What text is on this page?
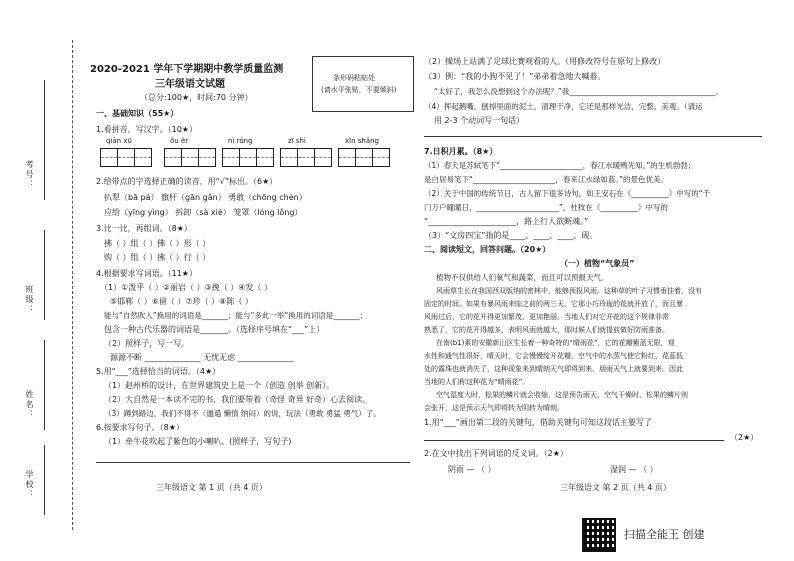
考号：
班级：
姓名：
学校：
2020-2021 学年下学期期中教学质量监测
三年级语文试题
（总分:100★，时间:70 分钟）
条形码粘贴处
(请水平张贴，不要倾斜)
一、基础知识（55★）
1.看拼音，写汉字。（10★）
qiān xū	ǒu ěr	nì róng	zī shì	xīn shǎng
2.给带点的字选择正确的读音，用“√”标出。（6★）
扒犁（bā pá） 旗杆（gān gǎn） 勇敢（chōng chèn）
应给（yīng yìng） 拆卸（sà xiè） 笼罩（lóng lǒng）
3.比一比，再组词。（8★）
拂（ ）组（ ）佛（ ）形（ ）
购（ ）组（ ）拂（ ）行（ ）
4.根据要求写词语。（11★）
（1）①泼乎（ ）②丽岩（ ）③挽（ ）④发（ ）
⑤邯郸（ ）⑥留（ ）⑦珍（ ）⑧陈（ ）
能与“自然吹入”换用的词语是_______；能与“多此一举”换用的词语是_______；
包含一种古代乐器的词语是_______。（选择序号填在“___”上）
（2）照样子，写一写。
源源不断 ______________ 无忧无虑 ______________
5.用“___”选择恰当的词语。（4★）
（1）赵州桥的设计，在世界建筑史上是一个（创造 创举 创新）。
（2）大自然是一本读不完的书，我们要带着（奇怪 奇异 好奇）心去阅读。
（3）蹲到路边，我们不得不（邋遢 懒惰 纳闷）的说，玩法（勇敢 勇猛 勇气）了。
6.按要求写句子。（8★）
（1）牵牛花吹起了紫色的小喇叭。(照样子，写句子)
三年级语文 第 1 页（共 4 页）
（2）操场上站满了足球比赛观看的人。（用修改符号在原句上修改）
（3）例：“我的小狗不见了！”弟弟着急地大喊着。
“太好了，我怎么没想到这个办法呢？”我_______________________________________。
（4）挥起鹅嘴，刨掉里面的泥土，清理干净，它还是那样光洁，完整，美观。（请运
用 2-3 个动词写一句话）
7.日积月累。（8★）
（1）春天是苏轼笔下“______________________，春江水暖鸭先知。”的生机勃勃；
是白居易笔下“______________________，春来江水绿如蓝。”的景色优美。
（2）关于中国的传统节日，古人留下很多诗句，如王安石在《__________》中写的“千
门万户曈曈日，______________________”，杜牧在《__________》中写的
“______________________，路上行人欲断魂。”
（3）“文房四宝”指的是____、____、____、砚。
二、阅读短文，回答问题。（20★）
（一）植物“气象员”
植物不仅供给人们氧气和蔬菜，而且可以预报天气。
风雨草生长在我国西双版纳的密林中，能够预报风雨。这种草的叶子习惯垂挂着，没有
固定的时间。如果有暴风雨来临之前的两三天，它那小巧玲珑的花就开放了，而且暴
风雨过后，它的花开得更加繁茂、更加艳丽。当地人们对它开花的这个规律非常
熟悉了，它的花开得越多，表明风雨就越大，那时候人们就提前做好防雨准备。
在南(b1)素的安徽新山区生长着一种奇特的“晴雨花”，它的花瓣紫蓝无限，观
水性和通气性很好，晴天时，它会慢慢绽开花瓣，空气中的水蒸气使它粉红，花蕊低
处的露珠也就消失了，这种现象来到晴朗天气即将到来，朋雨天气上就要到来。因此
当地的人们称这种花为“晴雨花”。
空气湿度大时，松果的鳞片就会收缩，这是预告雨天。空气干燥时，松果的鳞片则
会张开，这是预示天气即将转为阴转为晴朗。
1.用“___”画出第二段的关键句，借助关键句可知这段话主要写了
（2★）
2.在文中找出下列词语的反义词。（2★）
阴雨 — （ ）	湿润 — （ ）
三年级语文 第 2 页（共 4 页）
扫描全能王 创建
